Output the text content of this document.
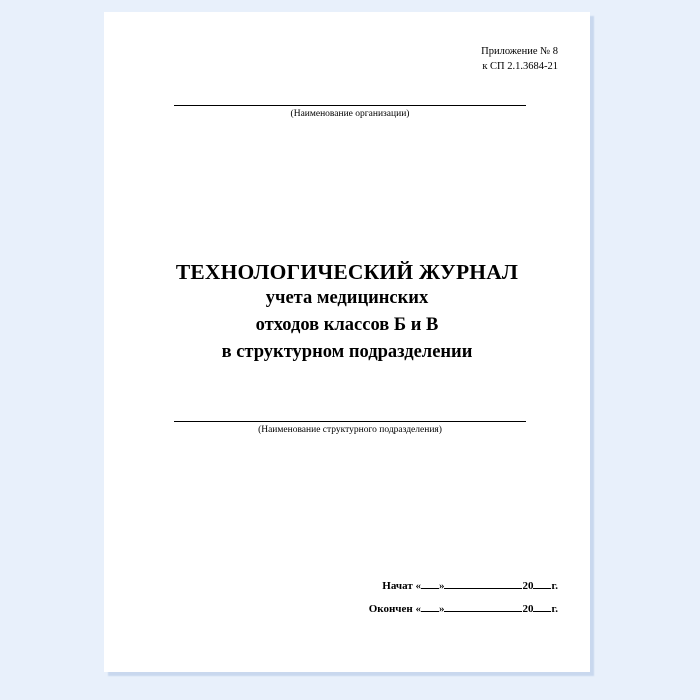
Приложение № 8
к СП 2.1.3684-21
(Наименование организации)
ТЕХНОЛОГИЧЕСКИЙ ЖУРНАЛ
учета медицинских
отходов классов Б и В
в структурном подразделении
(Наименование структурного подразделения)
Начат « »	20 г.
Окончен « »	20 г.
